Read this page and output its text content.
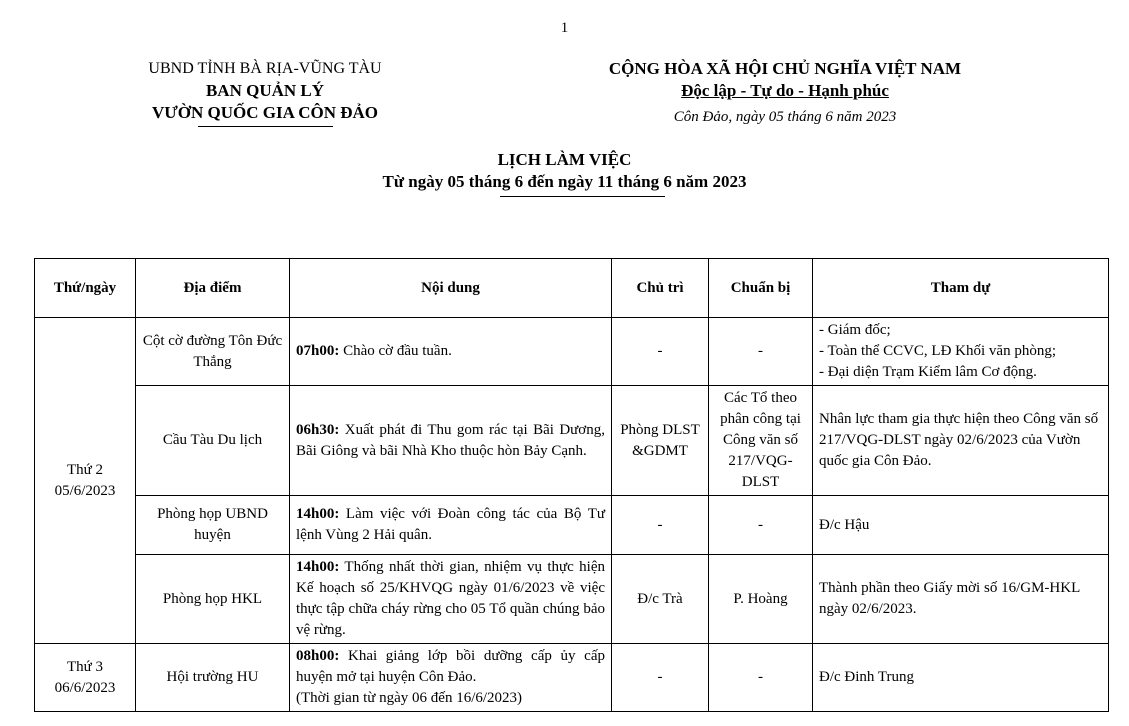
1
UBND TỈNH BÀ RỊA-VŨNG TÀU
BAN QUẢN LÝ
VƯỜN QUỐC GIA CÔN ĐẢO
CỘNG HÒA XÃ HỘI CHỦ NGHĨA VIỆT NAM
Độc lập - Tự do - Hạnh phúc
Côn Đảo, ngày 05 tháng 6 năm 2023
LỊCH LÀM VIỆC
Từ ngày 05 tháng 6 đến ngày 11 tháng 6 năm 2023
Thứ/ngày	Địa điểm	Nội dung	Chủ trì	Chuẩn bị	Tham dự

Thứ 2
05/6/2023	Cột cờ đường Tôn Đức Thắng	07h00: Chào cờ đầu tuần.	-	-	- Giám đốc;
- Toàn thể CCVC, LĐ Khối văn phòng;
- Đại diện Trạm Kiểm lâm Cơ động.

	Cầu Tàu Du lịch	06h30: Xuất phát đi Thu gom rác tại Bãi Dương, Bãi Giông và bãi Nhà Kho thuộc hòn Bảy Cạnh.	Phòng DLST&GDMT	Các Tổ theo phân công tại Công văn số 217/VQG-DLST	Nhân lực tham gia thực hiện theo Công văn số 217/VQG-DLST ngày 02/6/2023 của Vườn quốc gia Côn Đảo.
	Phòng họp UBND huyện	14h00: Làm việc với Đoàn công tác của Bộ Tư lệnh Vùng 2 Hải quân.	-	-	Đ/c Hậu
	Phòng họp HKL	14h00: Thống nhất thời gian, nhiệm vụ thực hiện Kế hoạch số 25/KHVQG ngày 01/6/2023 về việc thực tập chữa cháy rừng cho 05 Tổ quần chúng bảo vệ rừng.	Đ/c Trà	P. Hoàng	Thành phần theo Giấy mời số 16/GM-HKL ngày 02/6/2023.

Thứ 3
06/6/2023	Hội trường HU	08h00: Khai giảng lớp bồi dưỡng cấp ủy cấp huyện mở tại huyện Côn Đảo.
(Thời gian từ ngày 06 đến 16/6/2023)	-	-	Đ/c Đinh Trung
